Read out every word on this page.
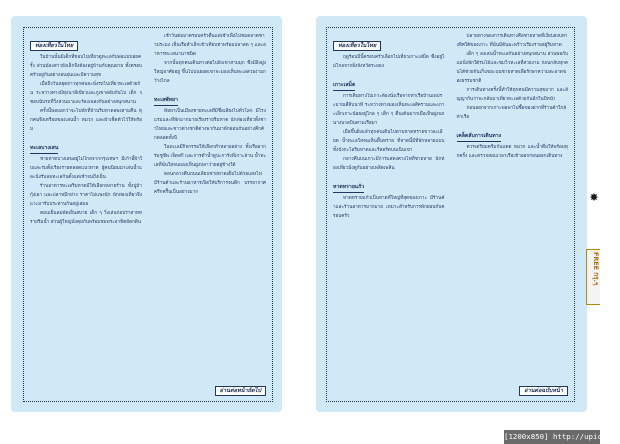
ท่องเที่ยวในไทย

ในบ้านนั้นมีเด็กที่ชอบไปเที่ยวดูทะเลกับพ่อแม่บ่อยครั้ง ส่วนน้องสาวยังเล็กจึงต้องอยู่บ้านกับคุณยาย ทั้งครอบครัวอยู่กันอย่างอบอุ่นและมีความสุข

เมื่อถึงวันหยุดยาวทุกคนจะนั่งรถไปเที่ยวทะเลด้วยกัน ระหว่างทางมีทุ่งนาสีเขียวและภูเขาสลับกันไป เด็ก ๆ ชอบนับรถที่วิ่งสวนมาและร้องเพลงกันอย่างสนุกสนาน

ครั้งนี้พ่อบอกว่าจะไปพักที่บ้านริมหาดสองสามคืน ทุกคนจึงเตรียมของเล่นน้ำ หมวก และผ้าเช็ดตัวไว้ให้พร้อม

ทะเลบางเสน

ชายหาดบางเสนอยู่ไม่ไกลจากกรุงเทพฯ มีเก้าอี้ผ้าใบและร่มตั้งเรียงรายตลอดแนวหาด ผู้คนนิยมมาเล่นน้ำและนั่งรับลมทะเลกันตั้งแต่เช้าจนถึงเย็น

ร้านอาหารทะเลริมหาดมีให้เลือกหลายร้าน ทั้งปูม้า กุ้งเผา และปลาหมึกย่าง ราคาไม่แพงนัก นักท่องเที่ยวจึงแวะมารับประทานกันอยู่เสมอ

ตอนเย็นลมพัดเย็นสบาย เด็ก ๆ วิ่งเล่นก่อปราสาททรายริมน้ำ ส่วนผู้ใหญ่นั่งคุยกันพร้อมชมพระอาทิตย์ตกดิน

เช้าวันต่อมาครอบครัวตื่นแต่เช้าเพื่อไปชมตลาดชาวประมง เห็นเรือลำเล็กเข้าเทียบท่าพร้อมปลาสด ๆ และอาหารทะเลนานาชนิด

จากนั้นทุกคนเดินทางต่อไปยังเขาสามมุก ซึ่งมีลิงฝูงใหญ่อาศัยอยู่ ขึ้นไปบนยอดเขาจะมองเห็นทะเลสวยงามกว้างไกล

ทะเลพัทยา

พัทยาเป็นเมืองชายทะเลที่มีชื่อเสียงไปทั่วโลก มีโรงแรมและที่พักมากมายเรียงรายริมหาด นักท่องเที่ยวทั้งชาวไทยและชาวต่างชาติต่างพากันมาพักผ่อนกันอย่างคึกคักตลอดทั้งปี

ในทะเลมีกิจกรรมให้เลือกทำหลายอย่าง ทั้งเรือลากร่มชูชีพ เจ็ตสกี และการดำน้ำดูปะการังที่เกาะล้าน น้ำทะเลที่นั่นใสจนมองเห็นฝูงปลาว่ายอยู่ข้างใต้

ตอนกลางคืนถนนเลียบชายหาดเต็มไปด้วยแสงไฟ มีร้านค้าและร้านอาหารเปิดให้บริการจนดึก บรรยากาศครึกครื้นเป็นอย่างมาก

อ่านต่อหน้าถัดไป
ท่องเที่ยวในไทย

ฤดูร้อนปีนี้ครอบครัวเลือกไปเที่ยวเกาะเสม็ด ซึ่งอยู่ไม่ไกลจากฝั่งจังหวัดระยอง

เกาะเสม็ด

การเดินทางไปเกาะต้องนั่งเรือจากท่าเรือบ้านเพประมาณสี่สิบนาที ระหว่างทางมองเห็นทะเลสีครามและเกาะเล็กเกาะน้อยอยู่ไกล ๆ เด็ก ๆ ตื่นเต้นมากเมื่อเห็นฝูงนกนางนวลบินตามเรือมา

เมื่อขึ้นฝั่งแล้วทุกคนเดินไปตามหาดทรายขาวละเอียด น้ำทะเลใสจนเห็นพื้นทราย ที่หาดนี้มีที่พักหลายแบบ ทั้งบังกะโลริมหาดและรีสอร์ตบนเนินเขา

กลางคืนบนเกาะมีการแสดงควงไฟที่ชายหาด นักท่องเที่ยวนั่งดูกันอย่างเพลิดเพลิน

หาดทรายแก้ว

หาดทรายแก้วเป็นหาดที่ใหญ่ที่สุดของเกาะ มีร้านค้าและร้านอาหารมากมาย เหมาะสำหรับการพักผ่อนกับครอบครัว

ปลายทางของการเดินทางคือชายหาดที่เงียบสงบทางทิศใต้ของเกาะ ที่นั่นมีต้นมะพร้าวเรียงรายอยู่ริมหาด

เด็ก ๆ ลงเล่นน้ำทะเลกันอย่างสนุกสนาน ส่วนพ่อกับแม่นั่งพักใต้ร่มไม้และชมวิวทะเลที่สวยงาม ก่อนกลับทุกคนได้ช่วยกันเก็บขยะบนชายหาดเพื่อรักษาความสะอาดของธรรมชาติ

การเดินทางครั้งนี้ทำให้ทุกคนมีความสุขมาก และสัญญากันว่าจะกลับมาเที่ยวทะเลด้วยกันอีกในปีหน้า

ก่อนออกจากเกาะพ่อพาไปซื้อของฝากที่ร้านค้าใกล้ท่าเรือ

เคล็ดลับการเดินทาง

ควรเตรียมครีมกันแดด หมวก และน้ำดื่มให้พร้อมทุกครั้ง และตรวจสอบเวลาเรือเข้าออกก่อนออกเดินทาง

อ่านต่อฉบับหน้า
✸
FREE กรุ.ๆ
[1200x850] http://upic.me/
